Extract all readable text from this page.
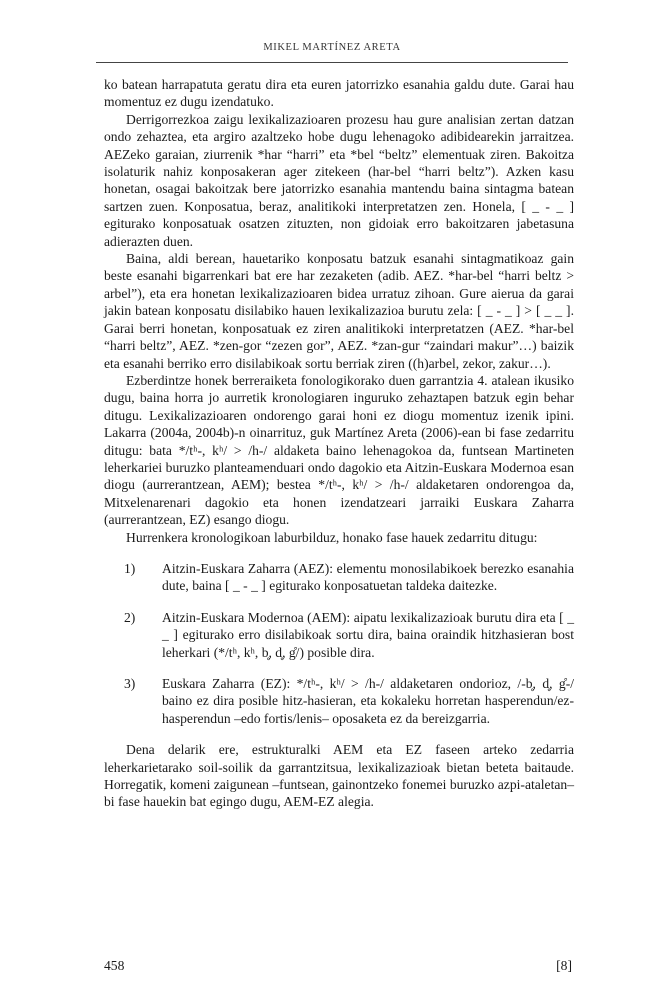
MIKEL MARTÍNEZ ARETA

ko batean harrapatuta geratu dira eta euren jatorrizko esanahia galdu dute. Garai hau momentuz ez dugu izendatuko.

Derrigorrezkoa zaigu lexikalizazioaren prozesu hau gure analisian zertan datzan ondo zehaztea, eta argiro azaltzeko hobe dugu lehenagoko adibidearekin jarraitzea. AEZeko garaian, ziurrenik *har “harri” eta *bel “beltz” elementuak ziren. Bakoitza isolaturik nahiz konposakeran ager zitekeen (har-bel “harri beltz”). Azken kasu honetan, osagai bakoitzak bere jatorrizko esanahia mantendu baina sintagma batean sartzen zuen. Konposatua, beraz, analitikoki interpretatzen zen. Honela, [ _ - _ ] egiturako konposatuak osatzen zituzten, non gidoiak erro bakoitzaren jabetasuna adierazten duen.

Baina, aldi berean, hauetariko konposatu batzuk esanahi sintagmatikoaz gain beste esanahi bigarrenkari bat ere har zezaketen (adib. AEZ. *har-bel “harri beltz > arbel”), eta era honetan lexikalizazioaren bidea urratuz zihoan. Gure aierua da garai jakin batean konposatu disilabiko hauen lexikalizazioa burutu zela: [ _ - _ ] > [ _ _ ]. Garai berri honetan, konposatuak ez ziren analitikoki interpretatzen (AEZ. *har-bel “harri beltz”, AEZ. *zen-gor “zezen gor”, AEZ. *zan-gur “zaindari makur”…) baizik eta esanahi berriko erro disilabikoak sortu berriak ziren ((h)arbel, zekor, zakur…).

Ezberdintze honek berreraiketa fonologikorako duen garrantzia 4. atalean ikusiko dugu, baina horra jo aurretik kronologiaren inguruko zehaztapen batzuk egin behar ditugu. Lexikalizazioaren ondorengo garai honi ez diogu momentuz izenik ipini. Lakarra (2004a, 2004b)-n oinarrituz, guk Martínez Areta (2006)-ean bi fase zedarritu ditugu: bata */tʰ-, kʰ/ > /h-/ aldaketa baino lehenagokoa da, funtsean Martineten leherkariei buruzko planteamenduari ondo dagokio eta Aitzin-Euskara Modernoa esan diogu (aurrerantzean, AEM); bestea */tʰ-, kʰ/ > /h-/ aldaketaren ondorengoa da, Mitxelenarenari dagokio eta honen izendatzeari jarraiki Euskara Zaharra (aurrerantzean, EZ) esango diogu.

Hurrenkera kronologikoan laburbilduz, honako fase hauek zedarritu ditugu:

1) Aitzin-Euskara Zaharra (AEZ): elementu monosilabikoek berezko esanahia dute, baina [ _ - _ ] egiturako konposatuetan taldeka daitezke.
2) Aitzin-Euskara Modernoa (AEM): aipatu lexikalizazioak burutu dira eta [ _ _ ] egiturako erro disilabikoak sortu dira, baina oraindik hitzhasieran bost leherkari (*/tʰ, kʰ, b̥, d̥, g̊/) posible dira.
3) Euskara Zaharra (EZ): */tʰ-, kʰ/ > /h-/ aldaketaren ondorioz, /-b̥, d̥, g̊-/ baino ez dira posible hitz-hasieran, eta kokaleku horretan hasperendun/ez-hasperendun –edo fortis/lenis– oposaketa ez da bereizgarria.

Dena delarik ere, estrukturalki AEM eta EZ faseen arteko zedarria leherkarietarako soil-soilik da garrantzitsua, lexikalizazioak bietan beteta baitaude. Horregatik, komeni zaigunean –funtsean, gainontzeko fonemei buruzko azpi-ataletan– bi fase hauekin bat egingo dugu, AEM-EZ alegia.

458	[8]
